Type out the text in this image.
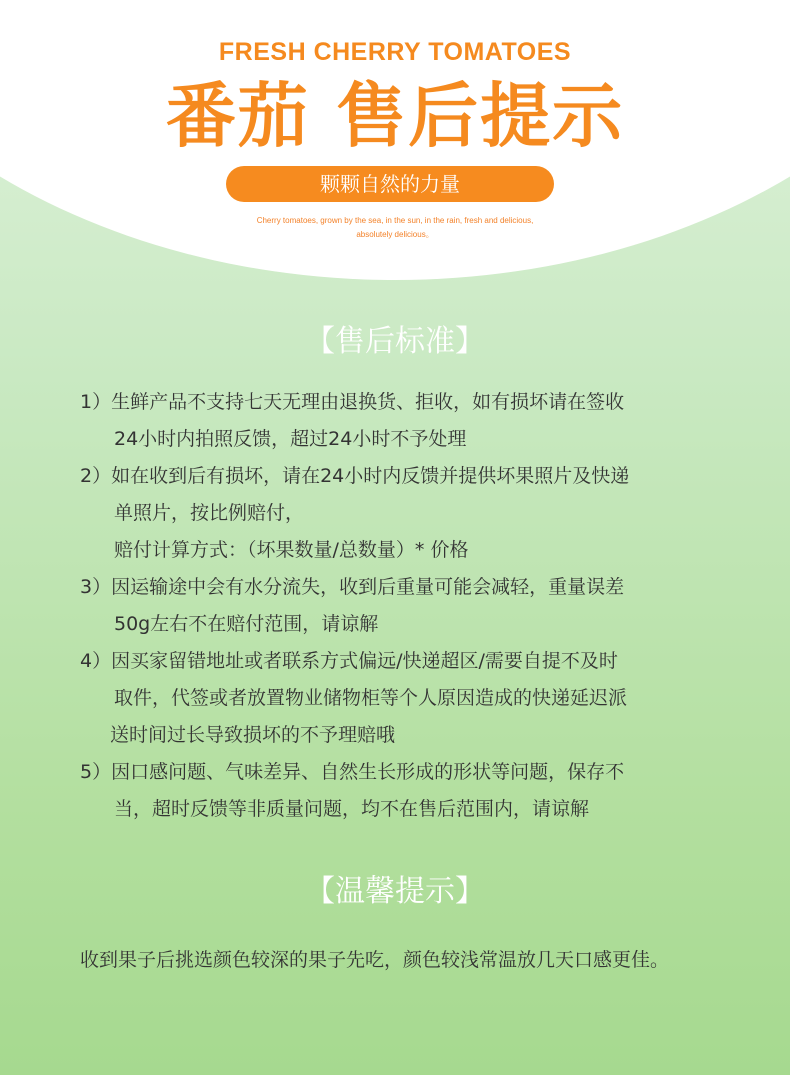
FRESH CHERRY TOMATOES
番茄 售后提示
颗颗自然的力量
Cherry tomatoes, grown by the sea, in the sun, in the rain, fresh and delicious,
absolutely delicious。
【售后标准】
1）生鲜产品不支持七天无理由退换货、拒收，如有损坏请在签收
24小时内拍照反馈，超过24小时不予处理
2）如在收到后有损坏，请在24小时内反馈并提供坏果照片及快递
单照片，按比例赔付，
赔付计算方式：（坏果数量/总数量）* 价格
3）因运输途中会有水分流失，收到后重量可能会减轻，重量误差
50g左右不在赔付范围，请谅解
4）因买家留错地址或者联系方式偏远/快递超区/需要自提不及时
取件，代签或者放置物业储物柜等个人原因造成的快递延迟派
送时间过长导致损坏的不予理赔哦
5）因口感问题、气味差异、自然生长形成的形状等问题，保存不
当，超时反馈等非质量问题，均不在售后范围内，请谅解
【温馨提示】
收到果子后挑选颜色较深的果子先吃，颜色较浅常温放几天口感更佳。
